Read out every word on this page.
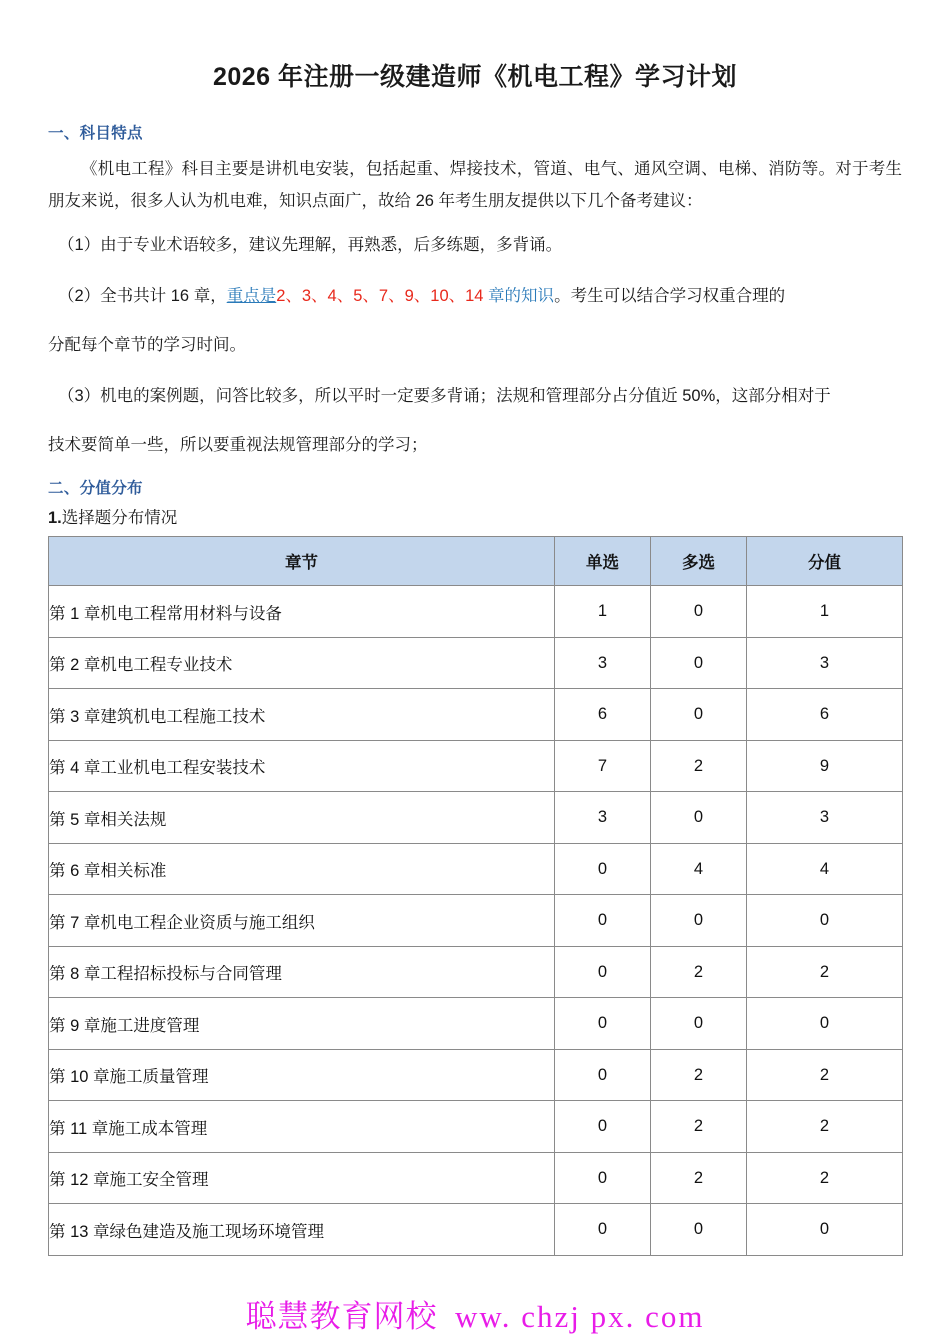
2026 年注册一级建造师《机电工程》学习计划
一、科目特点

《机电工程》科目主要是讲机电安装，包括起重、焊接技术，管道、电气、通风空调、电梯、消防等。对于考生朋友来说，很多人认为机电难，知识点面广，故给 26 年考生朋友提供以下几个备考建议：

（1）由于专业术语较多，建议先理解，再熟悉，后多练题，多背诵。

（2）全书共计 16 章，重点是2、3、4、5、7、9、10、14 章的知识。考生可以结合学习权重合理的

分配每个章节的学习时间。

（3）机电的案例题，问答比较多，所以平时一定要多背诵；法规和管理部分占分值近 50%，这部分相对于

技术要简单一些，所以要重视法规管理部分的学习；

二、分值分布

1.选择题分布情况

章节	单选	多选	分值
第 1 章机电工程常用材料与设备	1	0	1
第 2 章机电工程专业技术	3	0	3
第 3 章建筑机电工程施工技术	6	0	6
第 4 章工业机电工程安装技术	7	2	9
第 5 章相关法规	3	0	3
第 6 章相关标准	0	4	4
第 7 章机电工程企业资质与施工组织	0	0	0
第 8 章工程招标投标与合同管理	0	2	2
第 9 章施工进度管理	0	0	0
第 10 章施工质量管理	0	2	2
第 11 章施工成本管理	0	2	2
第 12 章施工安全管理	0	2	2
第 13 章绿色建造及施工现场环境管理	0	0	0
聪慧教育网校 ww. chzj px. com
